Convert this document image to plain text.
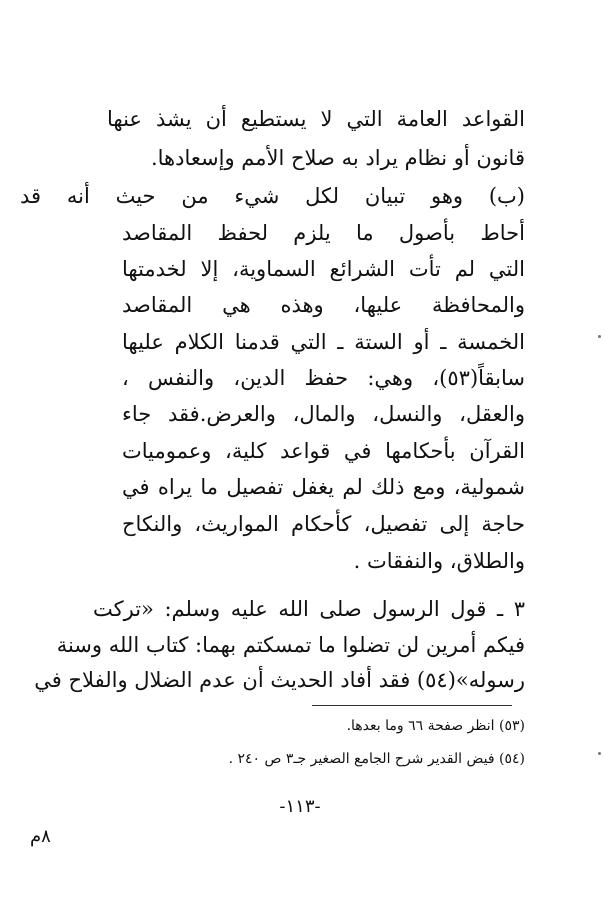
القواعد العامة التي لا يستطيع أن يشذ عنها
قانون أو نظام يراد به صلاح الأمم وإسعادها.
(ب) وهو تبيان لكل شيء من حيث أنه قد
أحاط بأصول ما يلزم لحفظ المقاصد
التي لم تأت الشرائع السماوية، إلا لخدمتها
والمحافظة عليها، وهذه هي المقاصد
الخمسة ـ أو الستة ـ التي قدمنا الكلام عليها
سابقاً(٥٣)، وهي: حفظ الدين، والنفس ،
والعقل، والنسل، والمال، والعرض.فقد جاء
القرآن بأحكامها في قواعد كلية، وعموميات
شمولية، ومع ذلك لم يغفل تفصيل ما يراه في
حاجة إلى تفصيل، كأحكام المواريث، والنكاح
والطلاق، والنفقات .
٣ ـ قول الرسول صلى الله عليه وسلم: «تركت
فيكم أمرين لن تضلوا ما تمسكتم بهما: كتاب الله وسنة
رسوله»(٥٤) فقد أفاد الحديث أن عدم الضلال والفلاح في
(٥٣) انظر صفحة ٦٦ وما بعدها.
(٥٤) فيض القدير شرح الجامع الصغير جـ٣ ص ٢٤٠ .
-١١٣-
٨م
